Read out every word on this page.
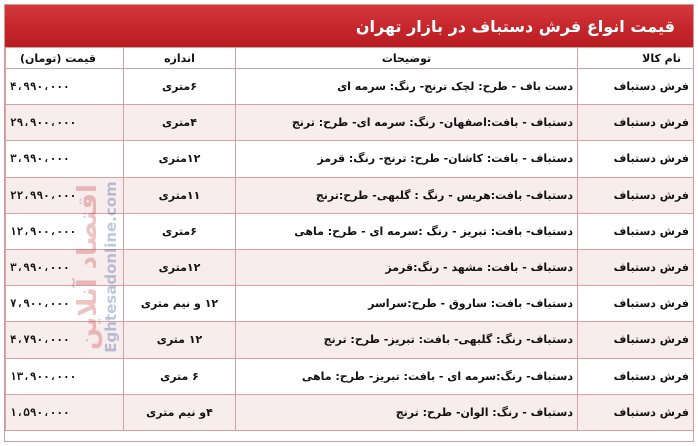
قیمت انواع فرش دستباف در بازار تهران
نام کالا	توضیحات	اندازه	قیمت (تومان)
فرش دستباف	دست باف - طرح: لچک ترنج- رنگ: سرمه ای	۶متری	۴،۹۹۰،۰۰۰
فرش دستباف	دستباف - بافت:اصفهان- رنگ: سرمه ای- طرح: ترنج	۴متری	۲۹،۹۰۰،۰۰۰
فرش دستباف	دستباف - بافت: کاشان- طرح: ترنج- رنگ: قرمز	۱۲متری	۳،۹۹۰،۰۰۰
فرش دستباف	دستباف- بافت:هریس - رنگ : گلبهی- طرح:ترنج	۱۱متری	۲۲،۹۹۰،۰۰۰
فرش دستباف	دستباف- بافت: تبریز - رنگ :سرمه ای - طرح: ماهی	۶متری	۱۲،۹۰۰،۰۰۰
فرش دستباف	دستباف - بافت: مشهد - رنگ:قرمز	۱۲متری	۳،۹۹۰،۰۰۰
فرش دستباف	دستباف- بافت: ساروق - طرح:سراسر	۱۲ و نیم متری	۷،۹۰۰،۰۰۰
فرش دستباف	دستباف- رنگ: گلبهی- بافت: تبریز- طرح: ترنج	۱۲ متری	۴،۷۹۰،۰۰۰
فرش دستباف	دستباف- رنگ:سرمه ای - بافت: تبریز- طرح: ماهی	۶ متری	۱۳،۹۰۰،۰۰۰
فرش دستباف	دستباف - رنگ: الوان- طرح: ترنج	۴و نیم متری	۱،۵۹۰،۰۰۰
اقتصاد آنلاین Eghtesadonline.com
